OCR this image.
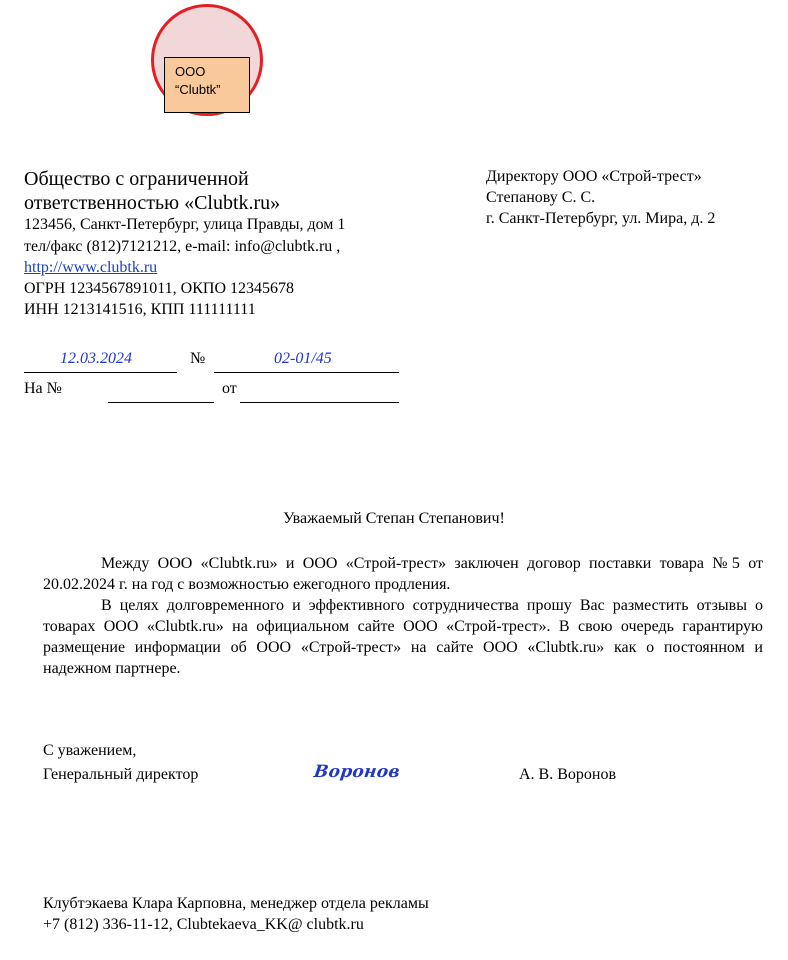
ООО
“Clubtk”
Общество с ограниченной ответственностью «Clubtk.ru»
123456, Санкт-Петербург, улица Правды, дом 1
тел/факс (812)7121212, e-mail: info@clubtk.ru ,
http://www.clubtk.ru
ОГРН 1234567891011, ОКПО 12345678
ИНН 1213141516, КПП 111111111
Директору ООО «Строй-трест»
Степанову С. С.
г. Санкт-Петербург, ул. Мира, д. 2
12.03.2024	№	02-01/45
На №	от
Уважаемый Степан Степанович!

Между ООО «Clubtk.ru» и ООО «Строй-трест» заключен договор поставки товара №5 от 20.02.2024 г. на год с возможностью ежегодного продления.

В целях долговременного и эффективного сотрудничества прошу Вас разместить отзывы о товарах ООО «Clubtk.ru» на официальном сайте ООО «Строй-трест». В свою очередь гарантирую размещение информации об ООО «Строй-трест» на сайте ООО «Clubtk.ru» как о постоянном и надежном партнере.

С уважением,
Генеральный директор	Воронов	А. В. Воронов
Клубтэкаева Клара Карповна, менеджер отдела рекламы
+7 (812) 336-11-12, Clubtekaeva_KK@ clubtk.ru
